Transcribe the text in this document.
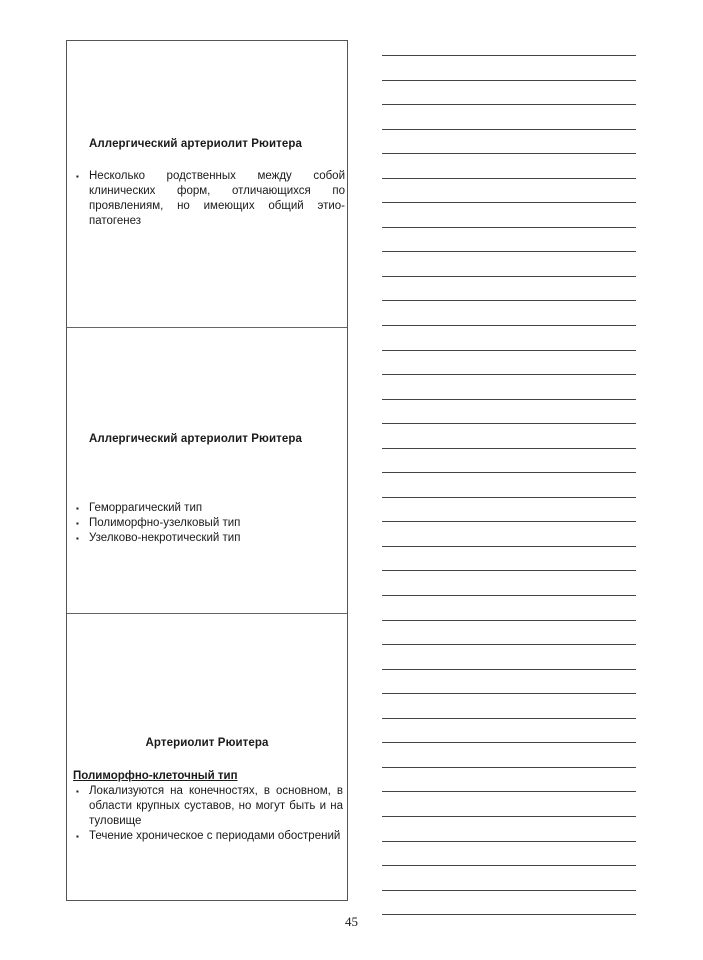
Аллергический артериолит Рюитера
▪ Несколько родственных между собой клинических форм, отличающихся по проявлениям, но имеющих общий этио-патогенез
Аллергический артериолит Рюитера
▪ Геморрагический тип
▪ Полиморфно-узелковый тип
▪ Узелково-некротический тип
Артериолит Рюитера
Полиморфно-клеточный тип
▪ Локализуются на конечностях, в основном, в области крупных суставов, но могут быть и на туловище
▪ Течение хроническое с периодами обострений
45
